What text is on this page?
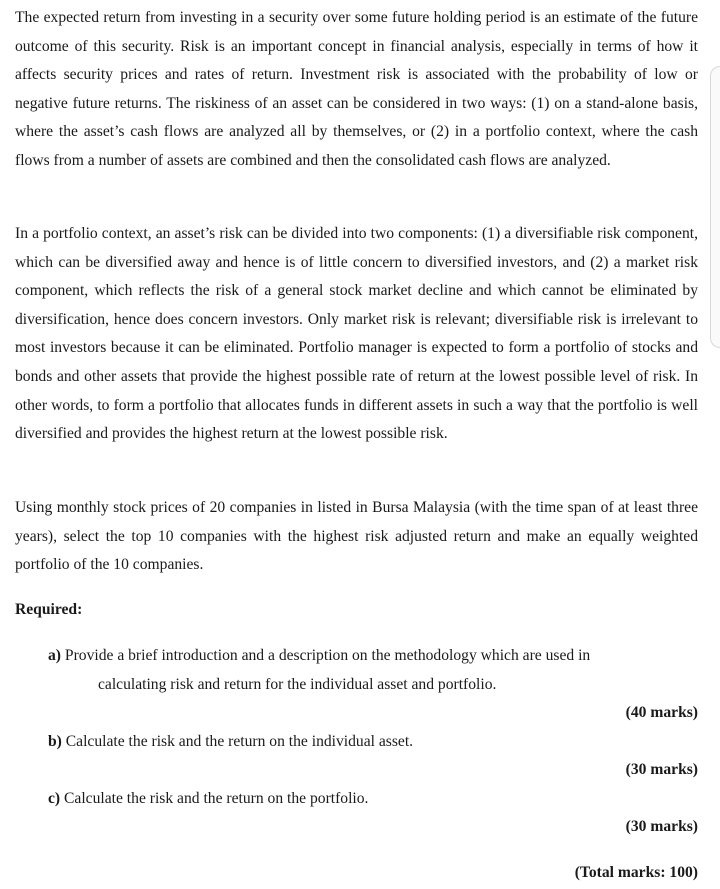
The expected return from investing in a security over some future holding period is an estimate of the future outcome of this security. Risk is an important concept in financial analysis, especially in terms of how it affects security prices and rates of return. Investment risk is associated with the probability of low or negative future returns. The riskiness of an asset can be considered in two ways: (1) on a stand-alone basis, where the asset’s cash flows are analyzed all by themselves, or (2) in a portfolio context, where the cash flows from a number of assets are combined and then the consolidated cash flows are analyzed.

In a portfolio context, an asset’s risk can be divided into two components: (1) a diversifiable risk component, which can be diversified away and hence is of little concern to diversified investors, and (2) a market risk component, which reflects the risk of a general stock market decline and which cannot be eliminated by diversification, hence does concern investors. Only market risk is relevant; diversifiable risk is irrelevant to most investors because it can be eliminated. Portfolio manager is expected to form a portfolio of stocks and bonds and other assets that provide the highest possible rate of return at the lowest possible level of risk. In other words, to form a portfolio that allocates funds in different assets in such a way that the portfolio is well diversified and provides the highest return at the lowest possible risk.

Using monthly stock prices of 20 companies in listed in Bursa Malaysia (with the time span of at least three years), select the top 10 companies with the highest risk adjusted return and make an equally weighted portfolio of the 10 companies.

Required:
a) Provide a brief introduction and a description on the methodology which are used in
calculating risk and return for the individual asset and portfolio.
(40 marks)
b) Calculate the risk and the return on the individual asset.
(30 marks)
c) Calculate the risk and the return on the portfolio.
(30 marks)
(Total marks: 100)
